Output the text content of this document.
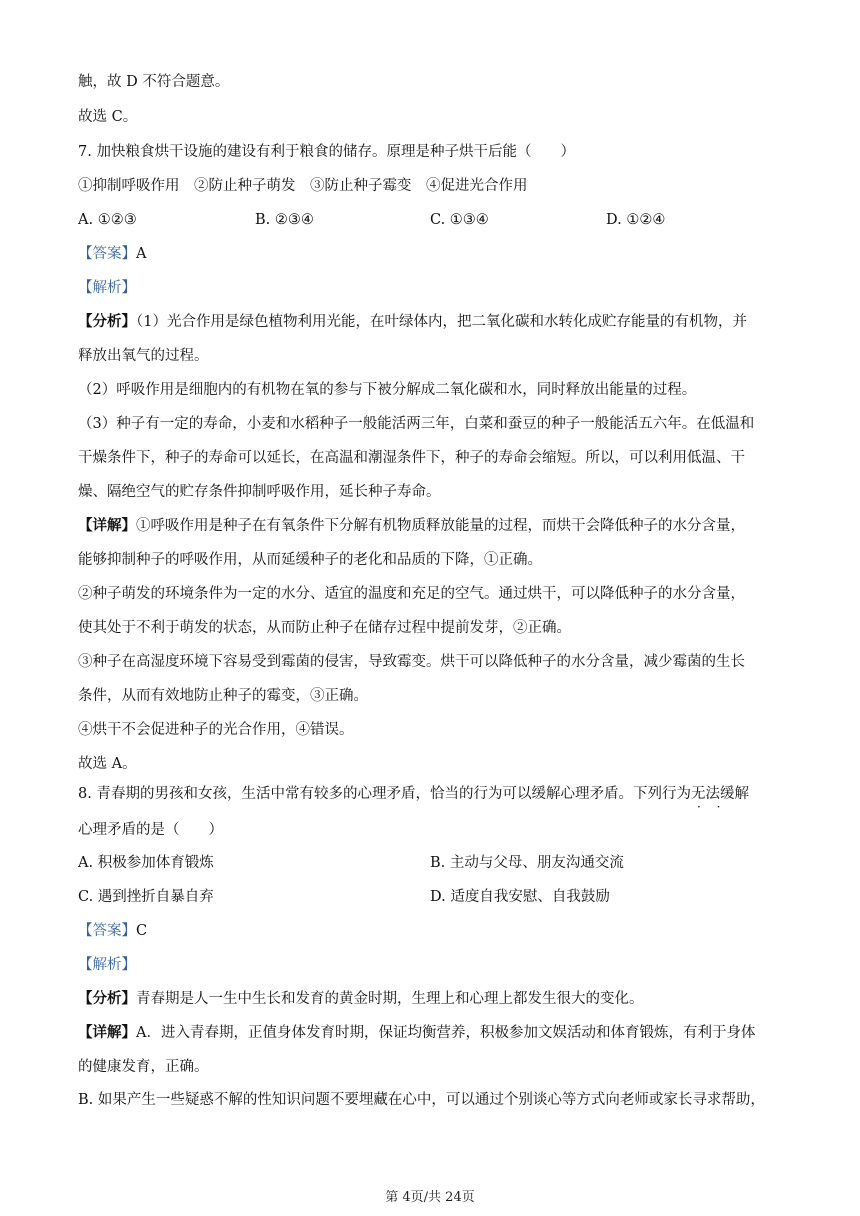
触，故 D 不符合题意。
故选 C。
7. 加快粮食烘干设施的建设有利于粮食的储存。原理是种子烘干后能（　　）
①抑制呼吸作用　②防止种子萌发　③防止种子霉变　④促进光合作用
A. ①②③	B. ②③④	C. ①③④	D. ①②④
【答案】A
【解析】
【分析】（1）光合作用是绿色植物利用光能，在叶绿体内，把二氧化碳和水转化成贮存能量的有机物，并
释放出氧气的过程。
（2）呼吸作用是细胞内的有机物在氧的参与下被分解成二氧化碳和水，同时释放出能量的过程。
（3）种子有一定的寿命，小麦和水稻种子一般能活两三年，白菜和蚕豆的种子一般能活五六年。在低温和
干燥条件下，种子的寿命可以延长，在高温和潮湿条件下，种子的寿命会缩短。所以，可以利用低温、干
燥、隔绝空气的贮存条件抑制呼吸作用，延长种子寿命。
【详解】①呼吸作用是种子在有氧条件下分解有机物质释放能量的过程，而烘干会降低种子的水分含量，
能够抑制种子的呼吸作用，从而延缓种子的老化和品质的下降，①正确。
②种子萌发的环境条件为一定的水分、适宜的温度和充足的空气。通过烘干，可以降低种子的水分含量，
使其处于不利于萌发的状态，从而防止种子在储存过程中提前发芽，②正确。
③种子在高湿度环境下容易受到霉菌的侵害，导致霉变。烘干可以降低种子的水分含量，减少霉菌的生长
条件，从而有效地防止种子的霉变，③正确。
④烘干不会促进种子的光合作用，④错误。
故选 A。
8. 青春期的男孩和女孩，生活中常有较多的心理矛盾，恰当的行为可以缓解心理矛盾。下列行为无法 · ·缓解
心理矛盾的是（　　）
A. 积极参加体育锻炼	B. 主动与父母、朋友沟通交流
C. 遇到挫折自暴自弃	D. 适度自我安慰、自我鼓励
【答案】C
【解析】
【分析】青春期是人一生中生长和发育的黄金时期，生理上和心理上都发生很大的变化。
【详解】A．进入青春期，正值身体发育时期，保证均衡营养，积极参加文娱活动和体育锻炼，有利于身体
的健康发育，正确。
B. 如果产生一些疑惑不解的性知识问题不要埋藏在心中，可以通过个别谈心等方式向老师或家长寻求帮助，
第 4页/共 24页
